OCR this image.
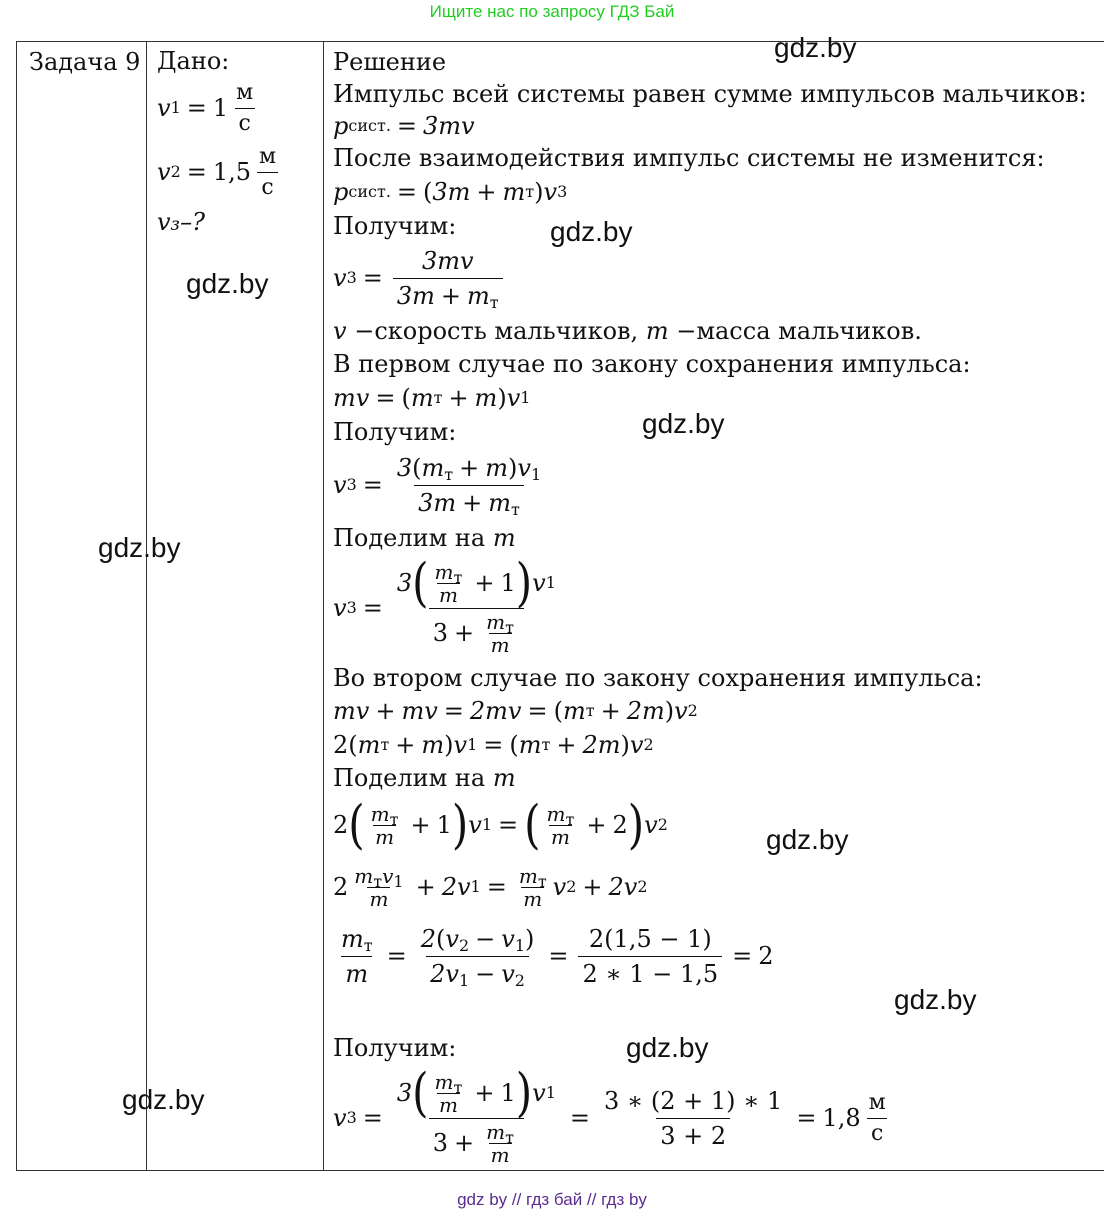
Ищите нас по запросу ГДЗ Бай
Задача 9 Дано:
v $1 = 1 \frac{м}{с}$
v $2 = 1,5 \frac{м}{с}$
v₃–?
Решение
Импульс всей системы равен сумме импульсов мальчиков:
p сист. = 3mv
После взаимодействия импульс системы не изменится:
p сист. = ( 3m + m т ) v 3
Получим:
v $3 = \frac{3mv}{3m + m_т}$
v
−скорость мальчиков,
m
−масса мальчиков.
В первом случае по закону сохранения импульса:
mv = ( m т + m ) v 1
Получим:
v $3 = \frac{3(m_т + m)v_1}{3m + m_т}$
Поделим на
m
v $3 = \frac{3 ( \frac{m_т}{m} + 1 ) v 1}{3 + \frac{m_т}{m}}$
Во втором случае по закону сохранения импульса:
mv + mv = 2mv = ( m т + 2m ) v 2
2( m т + m ) v 1 = ( m т + 2m ) v 2
Поделим на
m
2 ( $\frac{m_т}{m} + 1$ ) v 1 = ( $\frac{m_т}{m} + 2$ ) v 2
$2 \frac{m_тv_1}{m} + 2v$ $1 = \frac{m_т}{m}$ v 2 + 2v 2
$\frac{m_т}{m} = \frac{2(v_2 - v_1)}{2v_1 - v_2} = \frac{2(1,5 - 1)}{2 ∗ 1 - 1,5} = 2$
Получим:
v $3 = \frac{3 ( \frac{m_т}{m} + 1 ) v 1}{3 + \frac{m_т}{m}} = \frac{3 ∗ (2 + 1) ∗ 1}{3 + 2} = 1,8 \frac{м}{с}$
gdz.by
gdz.by
gdz.by
gdz.by
gdz.by
gdz.by
gdz.by
gdz.by
gdz.by
gdz by // гдз бай // гдз by
